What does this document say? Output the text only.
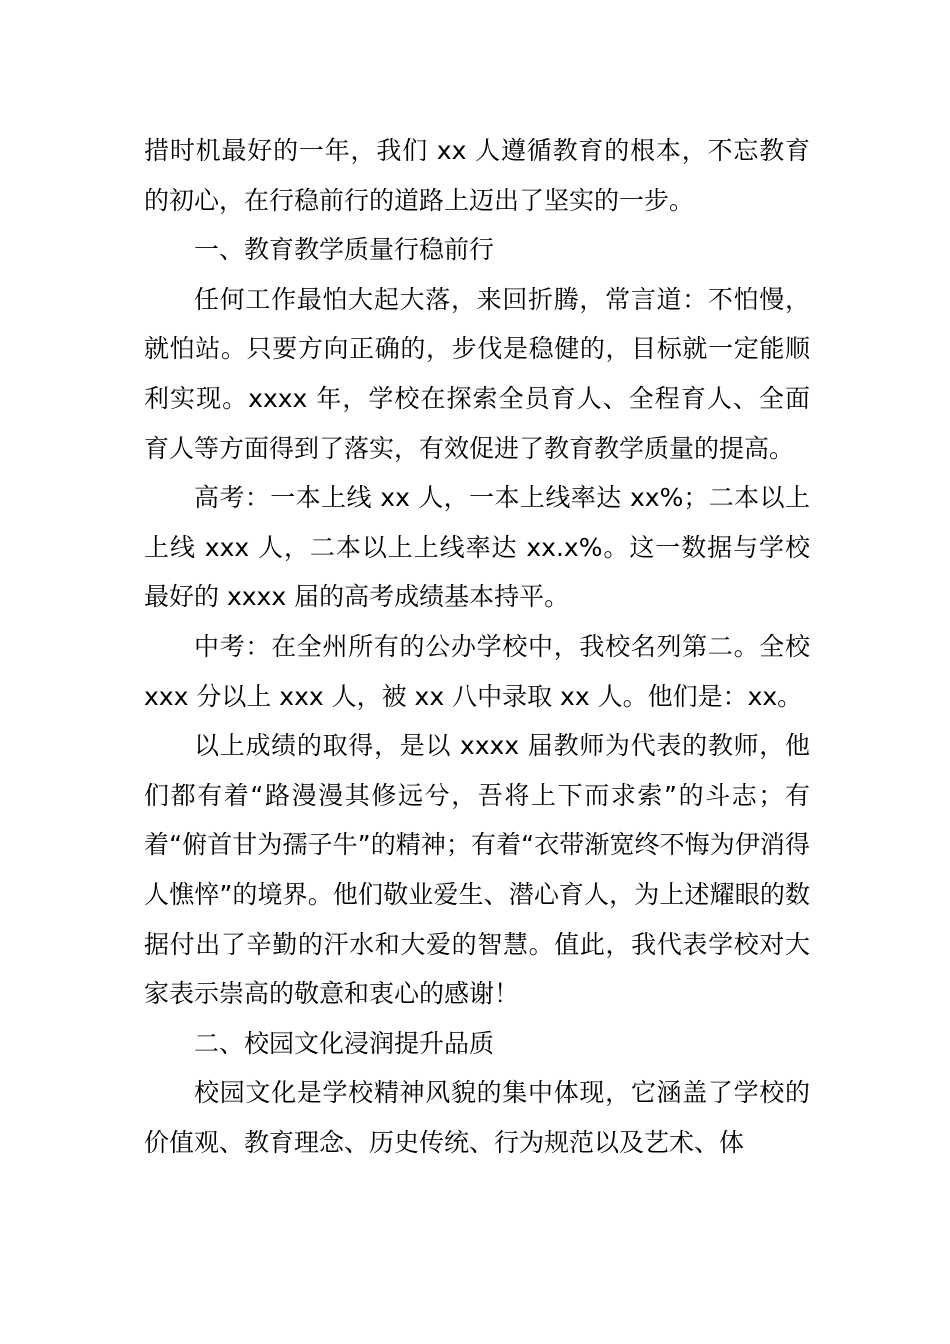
措时机最好的一年，我们 xx 人遵循教育的根本，不忘教育的初心，在行稳前行的道路上迈出了坚实的一步。

一、教育教学质量行稳前行

任何工作最怕大起大落，来回折腾，常言道：不怕慢，就怕站。只要方向正确的，步伐是稳健的，目标就一定能顺利实现。xxxx 年，学校在探索全员育人、全程育人、全面育人等方面得到了落实，有效促进了教育教学质量的提高。

高考：一本上线 xx 人，一本上线率达 xx%；二本以上上线 xxx 人，二本以上上线率达 xx.x%。这一数据与学校最好的 xxxx 届的高考成绩基本持平。

中考：在全州所有的公办学校中，我校名列第二。全校 xxx 分以上 xxx 人，被 xx 八中录取 xx 人。他们是：xx。

以上成绩的取得，是以 xxxx 届教师为代表的教师，他们都有着“路漫漫其修远兮，吾将上下而求索”的斗志；有着“俯首甘为孺子牛”的精神；有着“衣带渐宽终不悔为伊消得人憔悴”的境界。他们敬业爱生、潜心育人，为上述耀眼的数据付出了辛勤的汗水和大爱的智慧。值此，我代表学校对大家表示崇高的敬意和衷心的感谢！

二、校园文化浸润提升品质

校园文化是学校精神风貌的集中体现，它涵盖了学校的价值观、教育理念、历史传统、行为规范以及艺术、体
